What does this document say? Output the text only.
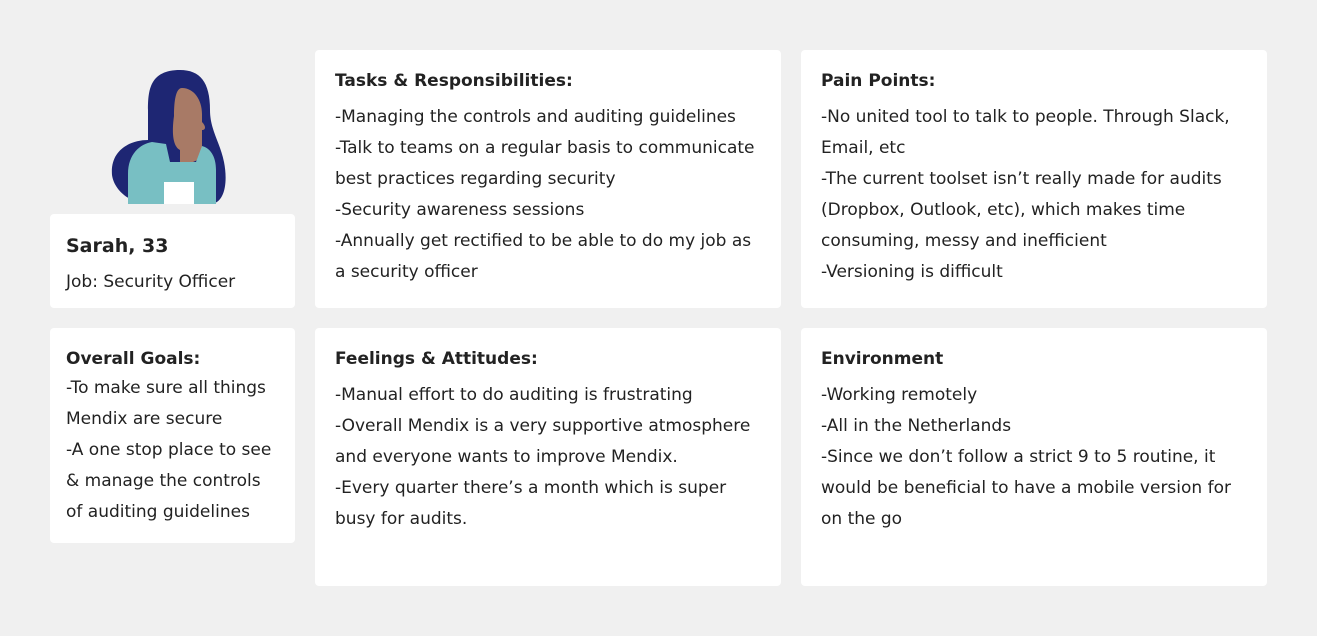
Sarah, 33
Job: Security Officer
Tasks & Responsibilities:
-Managing the controls and auditing guidelines
-Talk to teams on a regular basis to communicate best practices regarding security
-Security awareness sessions
-Annually get rectified to be able to do my job as a security officer
Pain Points:
-No united tool to talk to people. Through Slack, Email, etc
-The current toolset isn’t really made for audits (Dropbox, Outlook, etc), which makes time consuming, messy and inefficient
-Versioning is difficult
Overall Goals:
-To make sure all things Mendix are secure
-A one stop place to see & manage the controls of auditing guidelines
Feelings & Attitudes:
-Manual effort to do auditing is frustrating
-Overall Mendix is a very supportive atmosphere and everyone wants to improve Mendix.
-Every quarter there’s a month which is super busy for audits.
Environment
-Working remotely
-All in the Netherlands
-Since we don’t follow a strict 9 to 5 routine, it would be beneficial to have a mobile version for on the go
